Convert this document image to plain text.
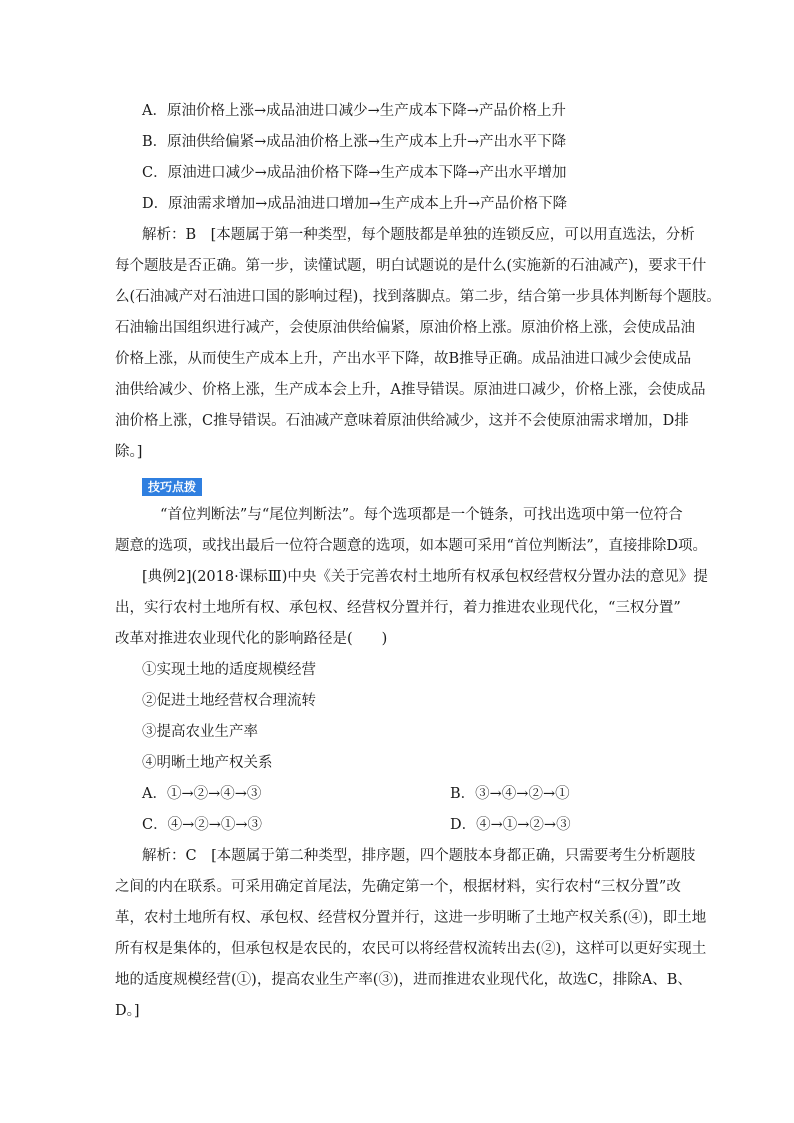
A．原油价格上涨→成品油进口减少→生产成本下降→产品价格上升

B．原油供给偏紧→成品油价格上涨→生产成本上升→产出水平下降

C．原油进口减少→成品油价格下降→生产成本下降→产出水平增加

D．原油需求增加→成品油进口增加→生产成本上升→产品价格下降

解析：B　[本题属于第一种类型，每个题肢都是单独的连锁反应，可以用直选法，分析

每个题肢是否正确。第一步，读懂试题，明白试题说的是什么(实施新的石油减产)，要求干什

么(石油减产对石油进口国的影响过程)，找到落脚点。第二步，结合第一步具体判断每个题肢。

石油输出国组织进行减产，会使原油供给偏紧，原油价格上涨。原油价格上涨，会使成品油

价格上涨，从而使生产成本上升，产出水平下降，故B推导正确。成品油进口减少会使成品

油供给减少、价格上涨，生产成本会上升，A推导错误。原油进口减少，价格上涨，会使成品

油价格上涨，C推导错误。石油减产意味着原油供给减少，这并不会使原油需求增加，D排

除。]

技巧点拨

“首位判断法”与“尾位判断法”。每个选项都是一个链条，可找出选项中第一位符合

题意的选项，或找出最后一位符合题意的选项，如本题可采用“首位判断法”，直接排除D项。

[典例2](2018·课标Ⅲ)中央《关于完善农村土地所有权承包权经营权分置办法的意见》提

出，实行农村土地所有权、承包权、经营权分置并行，着力推进农业现代化，“三权分置”

改革对推进农业现代化的影响路径是(　　)

①实现土地的适度规模经营

②促进土地经营权合理流转

③提高农业生产率

④明晰土地产权关系

A．①→②→④→③	B．③→④→②→①
C．④→②→①→③	D．④→①→②→③

解析：C　[本题属于第二种类型，排序题，四个题肢本身都正确，只需要考生分析题肢

之间的内在联系。可采用确定首尾法，先确定第一个，根据材料，实行农村“三权分置”改

革，农村土地所有权、承包权、经营权分置并行，这进一步明晰了土地产权关系(④)，即土地

所有权是集体的，但承包权是农民的，农民可以将经营权流转出去(②)，这样可以更好实现土

地的适度规模经营(①)，提高农业生产率(③)，进而推进农业现代化，故选C，排除A、B、

D。]
